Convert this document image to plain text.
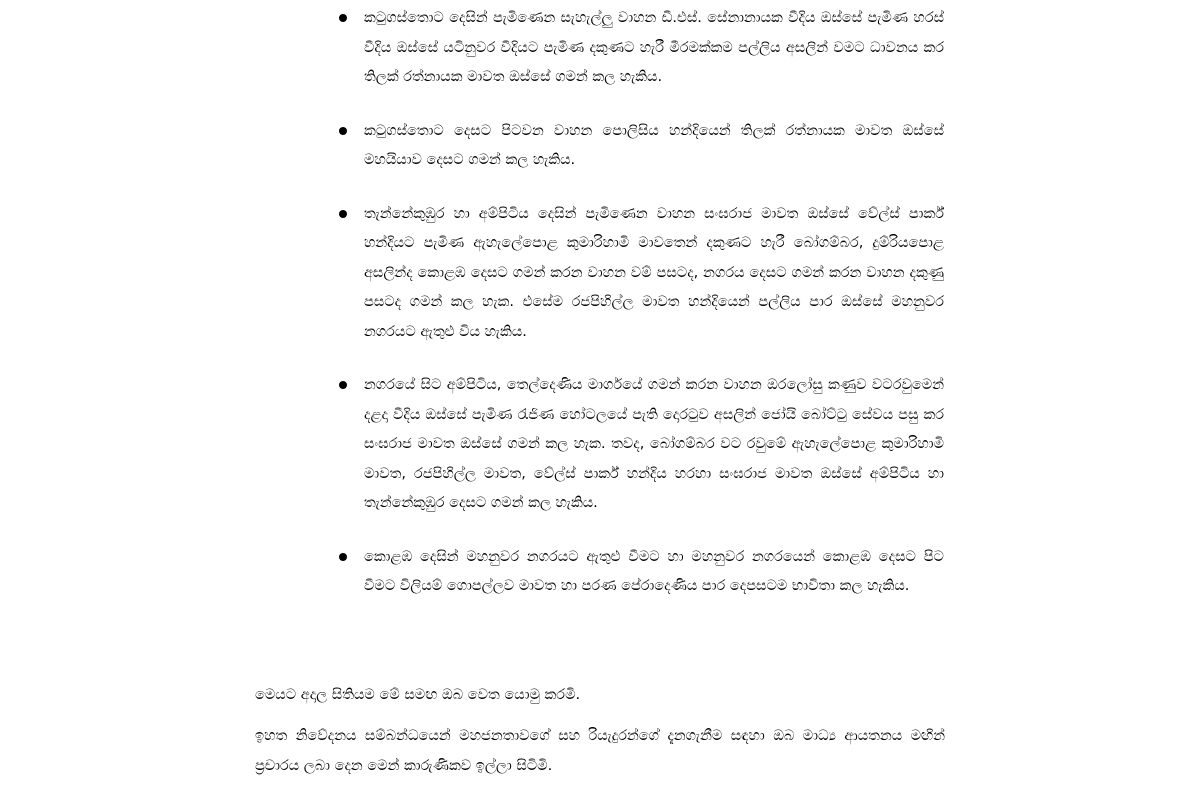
කටුගස්තොට දෙසින් පැමිණෙන සැහැල්ලු වාහන ඩී.එස්. සේනානායක වීදිය ඔස්සේ පැමිණ හරස් වීදිය ඔස්සේ යටිනුවර වීදියට පැමිණ දකුණට හැරී මීරමක්කම පල්ලිය අසලින් වමට ධාවනය කර තිලක් රත්නායක මාවත ඔස්සේ ගමන් කල හැකිය.
කටුගස්තොට දෙසට පිටවන වාහන පොලිසිය හන්දියෙන් තිලක් රත්නායක මාවත ඔස්සේ මහයියාව දෙසට ගමන් කල හැකිය.
තැන්නේකුඹුර හා අම්පිටිය දෙසින් පැමිණෙන වාහන සංඝරාජ මාවත ඔස්සේ වේල්ස් පාර්ක් හන්දියට පැමිණ ඇහැලේපොළ කුමාරිහාමි මාවතෙන් දකුණට හැරී බෝගම්බර, දුම්රියපොළ අසලින්ද කොළඹ දෙසට ගමන් කරන වාහන වම් පසටද, නගරය දෙසට ගමන් කරන වාහන දකුණු පසටද ගමන් කල හැක. එසේම රජපිහිල්ල මාවත හන්දියෙන් පල්ලිය පාර ඔස්සේ මහනුවර නගරයට ඇතුළු විය හැකිය.
නගරයේ සිට අම්පිටිය, තෙල්දෙණිය මාර්ගයේ ගමන් කරන වාහන ඔරලෝසු කණුව වටරවුමෙන් දළදා වීදිය ඔස්සේ පැමිණ රැජිණ හෝටලයේ පැති දොරටුව අසලින් ජෝයි බෝට්ටු සේවය පසු කර සංඝරාජ මාවත ඔස්සේ ගමන් කල හැක. තවද, බෝගම්බර වට රවුමේ ඇහැලේපොළ කුමාරිහාමි මාවත, රජපිහිල්ල මාවත, වේල්ස් පාර්ක් හන්දිය හරහා සංඝරාජ මාවත ඔස්සේ අම්පිටිය හා තැන්නේකුඹුර දෙසට ගමන් කල හැකිය.
කොළඹ දෙසින් මහනුවර නගරයට ඇතුළු වීමට හා මහනුවර නගරයෙන් කොළඹ දෙසට පිට වීමට විලියම් ගොපල්ලව මාවත හා පරණ පේරාදෙණිය පාර දෙපසටම භාවිතා කල හැකිය.

මෙයට අදාල සිතියම මේ සමඟ ඔබ වෙත යොමු කරමි.

ඉහත නිවේදනය සම්බන්ධයෙන් මහජනතාවගේ සහ රියැදුරන්ගේ දැනගැනීම සඳහා ඔබ මාධ්‍ය ආයතනය මඟින් ප්‍රචාරය ලබා දෙන මෙන් කාරුණිකව ඉල්ලා සිටිමි.
